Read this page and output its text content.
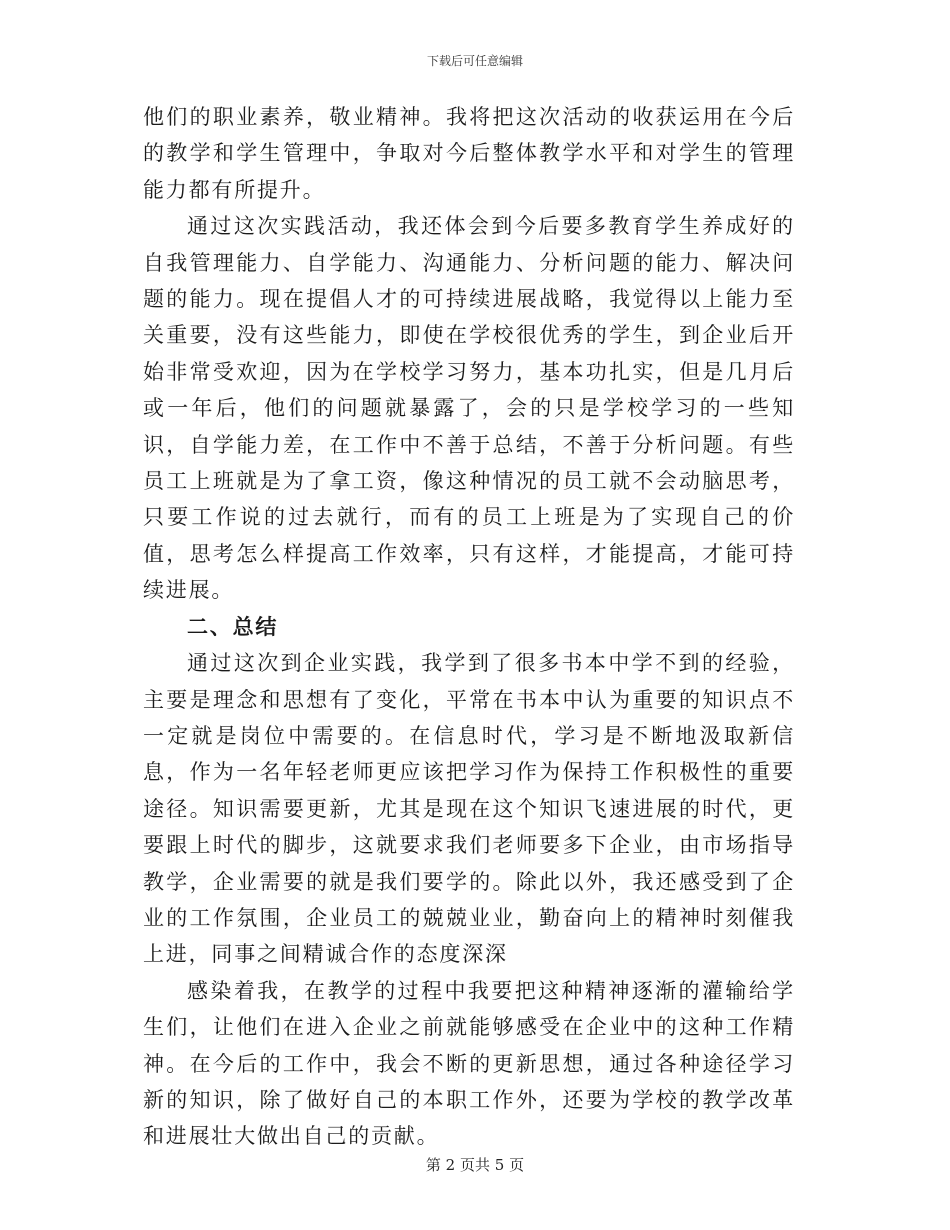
下载后可任意编辑

他们的职业素养，敬业精神。我将把这次活动的收获运用在今后的教学和学生管理中，争取对今后整体教学水平和对学生的管理能力都有所提升。

通过这次实践活动，我还体会到今后要多教育学生养成好的自我管理能力、自学能力、沟通能力、分析问题的能力、解决问题的能力。现在提倡人才的可持续进展战略，我觉得以上能力至关重要，没有这些能力，即使在学校很优秀的学生，到企业后开始非常受欢迎，因为在学校学习努力，基本功扎实，但是几月后或一年后，他们的问题就暴露了，会的只是学校学习的一些知识，自学能力差，在工作中不善于总结，不善于分析问题。有些员工上班就是为了拿工资，像这种情况的员工就不会动脑思考，只要工作说的过去就行，而有的员工上班是为了实现自己的价值，思考怎么样提高工作效率，只有这样，才能提高，才能可持续进展。

二、总结

通过这次到企业实践，我学到了很多书本中学不到的经验，主要是理念和思想有了变化，平常在书本中认为重要的知识点不一定就是岗位中需要的。在信息时代，学习是不断地汲取新信息，作为一名年轻老师更应该把学习作为保持工作积极性的重要途径。知识需要更新，尤其是现在这个知识飞速进展的时代，更要跟上时代的脚步，这就要求我们老师要多下企业，由市场指导教学，企业需要的就是我们要学的。除此以外，我还感受到了企业的工作氛围，企业员工的兢兢业业，勤奋向上的精神时刻催我上进，同事之间精诚合作的态度深深

感染着我，在教学的过程中我要把这种精神逐渐的灌输给学生们，让他们在进入企业之前就能够感受在企业中的这种工作精神。在今后的工作中，我会不断的更新思想，通过各种途径学习新的知识，除了做好自己的本职工作外，还要为学校的教学改革和进展壮大做出自己的贡献。

第 2 页共 5 页
